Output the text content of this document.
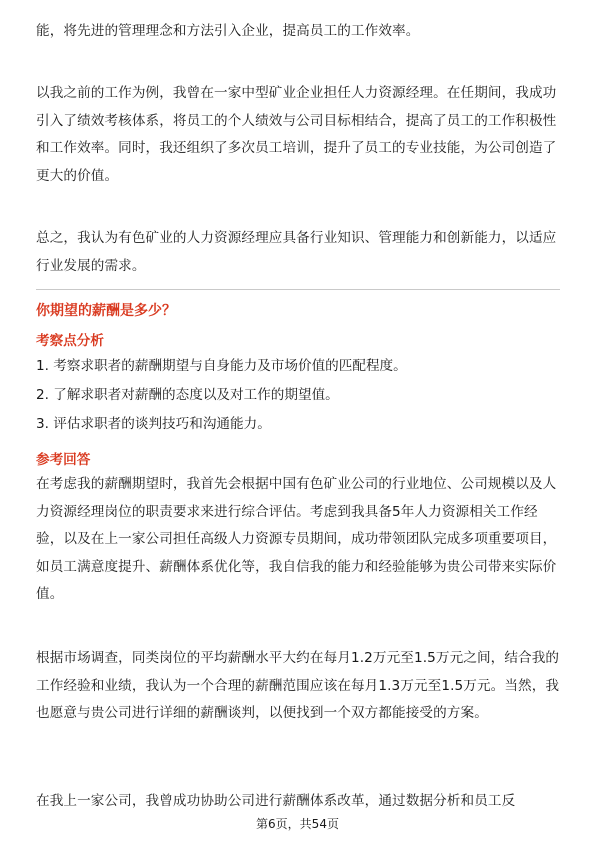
能，将先进的管理理念和方法引入企业，提高员工的工作效率。

以我之前的工作为例，我曾在一家中型矿业企业担任人力资源经理。在任期间，我成功引入了绩效考核体系，将员工的个人绩效与公司目标相结合，提高了员工的工作积极性和工作效率。同时，我还组织了多次员工培训，提升了员工的专业技能，为公司创造了更大的价值。

总之，我认为有色矿业的人力资源经理应具备行业知识、管理能力和创新能力，以适应行业发展的需求。

你期望的薪酬是多少？

考察点分析

1. 考察求职者的薪酬期望与自身能力及市场价值的匹配程度。

2. 了解求职者对薪酬的态度以及对工作的期望值。

3. 评估求职者的谈判技巧和沟通能力。

参考回答

在考虑我的薪酬期望时，我首先会根据中国有色矿业公司的行业地位、公司规模以及人力资源经理岗位的职责要求来进行综合评估。考虑到我具备5年人力资源相关工作经验，以及在上一家公司担任高级人力资源专员期间，成功带领团队完成多项重要项目，如员工满意度提升、薪酬体系优化等，我自信我的能力和经验能够为贵公司带来实际价值。

根据市场调查，同类岗位的平均薪酬水平大约在每月1.2万元至1.5万元之间，结合我的工作经验和业绩，我认为一个合理的薪酬范围应该在每月1.3万元至1.5万元。当然，我也愿意与贵公司进行详细的薪酬谈判，以便找到一个双方都能接受的方案。

在我上一家公司，我曾成功协助公司进行薪酬体系改革，通过数据分析和员工反

第6页，共54页
